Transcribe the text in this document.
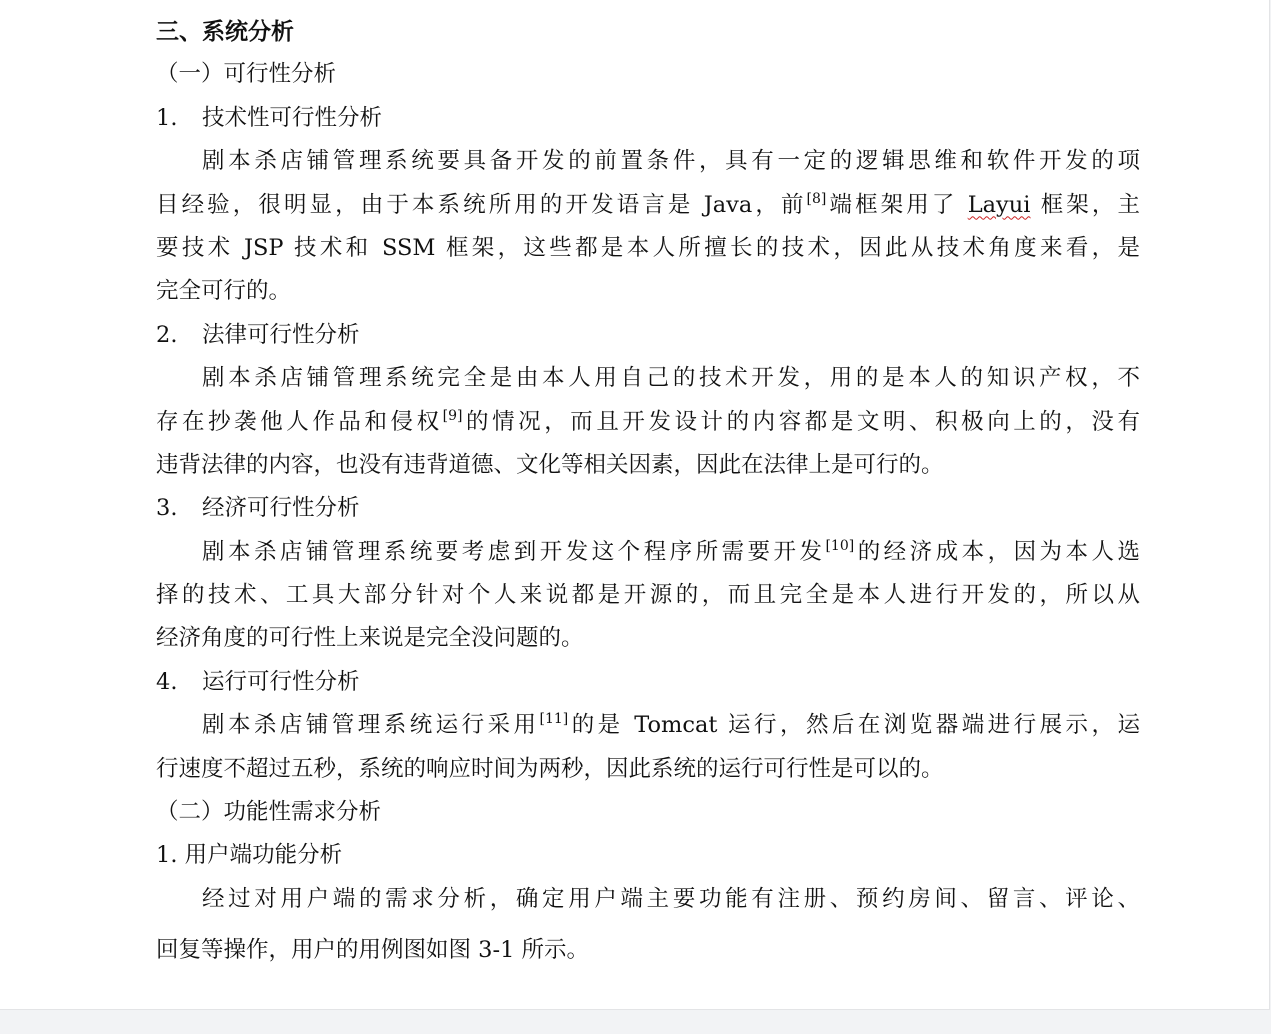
三、系统分析
（一）可行性分析
1. 技术性可行性分析
剧本杀店铺管理系统要具备开发的前置条件，具有一定的逻辑思维和软件开发的项
目经验，很明显，由于本系统所用的开发语言是 Java，前[8]端框架用了 Layui 框架，主
要技术 JSP 技术和 SSM 框架，这些都是本人所擅长的技术，因此从技术角度来看，是
完全可行的。
2. 法律可行性分析
剧本杀店铺管理系统完全是由本人用自己的技术开发，用的是本人的知识产权，不
存在抄袭他人作品和侵权[9]的情况，而且开发设计的内容都是文明、积极向上的，没有
违背法律的内容，也没有违背道德、文化等相关因素，因此在法律上是可行的。
3. 经济可行性分析
剧本杀店铺管理系统要考虑到开发这个程序所需要开发[10]的经济成本，因为本人选
择的技术、工具大部分针对个人来说都是开源的，而且完全是本人进行开发的，所以从
经济角度的可行性上来说是完全没问题的。
4. 运行可行性分析
剧本杀店铺管理系统运行采用[11]的是 Tomcat 运行，然后在浏览器端进行展示，运
行速度不超过五秒，系统的响应时间为两秒，因此系统的运行可行性是可以的。
（二）功能性需求分析
1. 用户端功能分析
经过对用户端的需求分析，确定用户端主要功能有注册、预约房间、留言、评论、
回复等操作，用户的用例图如图 3-1 所示。
